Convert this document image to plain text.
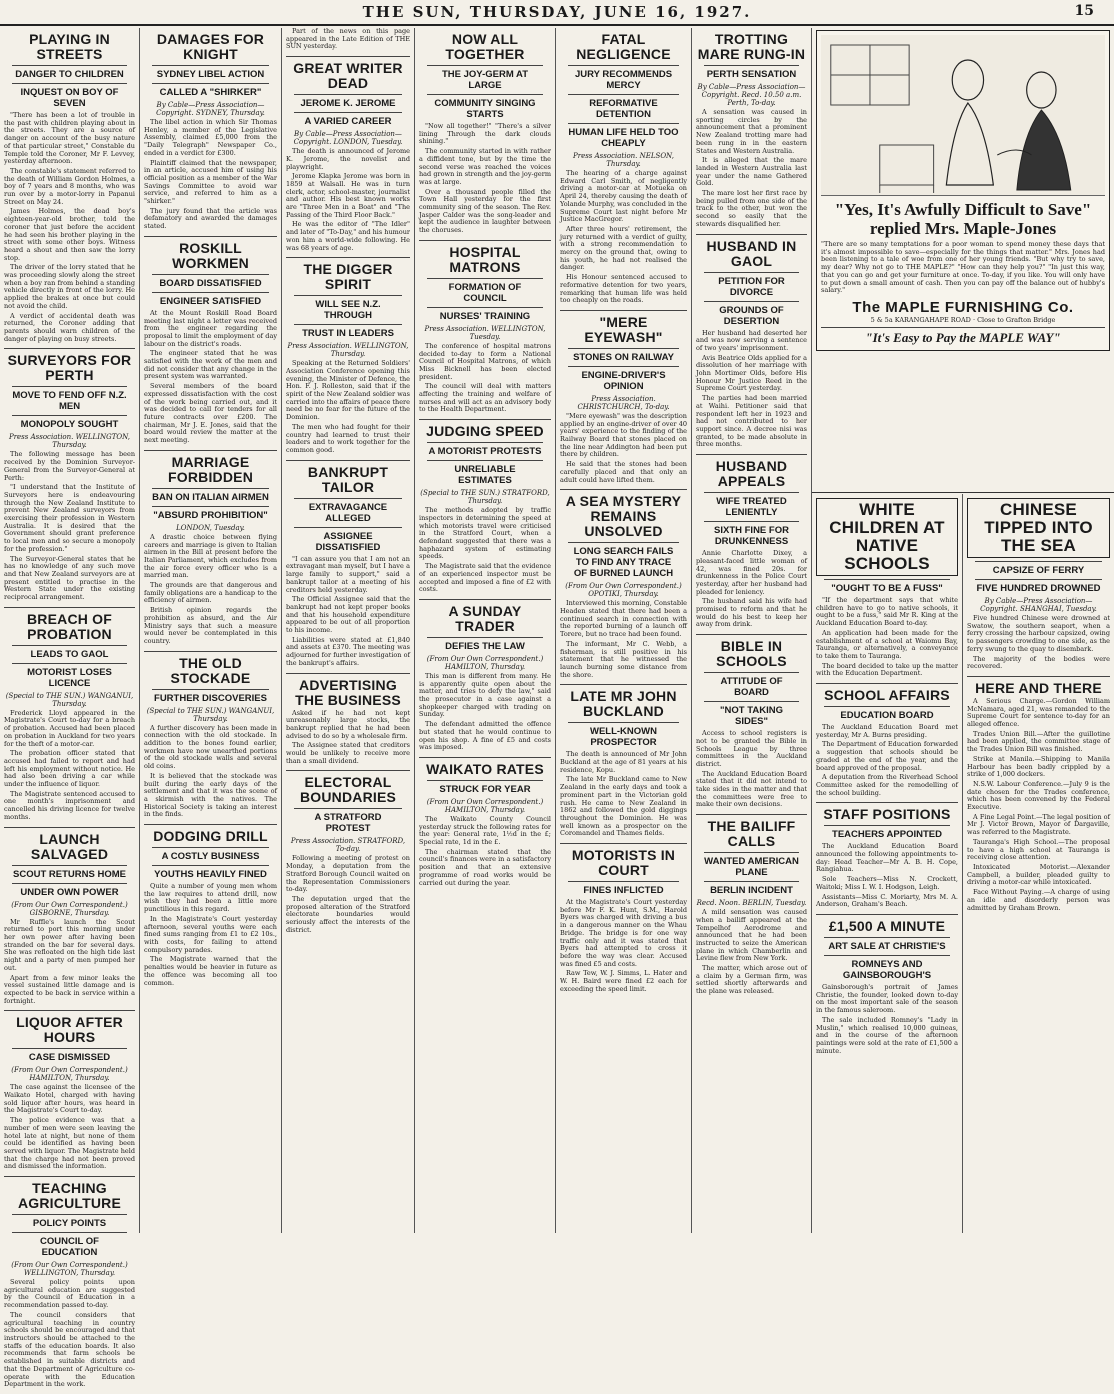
THE SUN, THURSDAY, JUNE 16, 1927.	15
PLAYING IN STREETS
DANGER TO CHILDREN
INQUEST ON BOY OF SEVEN

"There has been a lot of trouble in the past with children playing about in the streets. They are a source of danger on account of the busy nature of that particular street," Constable du Temple told the Coroner, Mr F. Levvey, yesterday afternoon.

The constable's statement referred to the death of William Gordon Holmes, a boy of 7 years and 8 months, who was run over by a motor-lorry in Papanui Street on May 24.

James Holmes, the dead boy's eighteen-year-old brother, told the coroner that just before the accident he had seen his brother playing in the street with some other boys. Witness heard a shout and then saw the lorry stop.

The driver of the lorry stated that he was proceeding slowly along the street when a boy ran from behind a standing vehicle directly in front of the lorry. He applied the brakes at once but could not avoid the child.

A verdict of accidental death was returned, the Coroner adding that parents should warn children of the danger of playing on busy streets.

SURVEYORS FOR PERTH
MOVE TO FEND OFF N.Z. MEN
MONOPOLY SOUGHT
Press Association. WELLINGTON, Thursday.

The following message has been received by the Dominion Surveyor-General from the Surveyor-General at Perth:

"I understand that the Institute of Surveyors here is endeavouring through the New Zealand Institute to prevent New Zealand surveyors from exercising their profession in Western Australia. It is desired that the Government should grant preference to local men and so secure a monopoly for the profession."

The Surveyor-General states that he has no knowledge of any such move and that New Zealand surveyors are at present entitled to practise in the Western State under the existing reciprocal arrangement.

BREACH OF PROBATION
LEADS TO GAOL
MOTORIST LOSES LICENCE
(Special to THE SUN.) WANGANUI, Thursday.

Frederick Lloyd appeared in the Magistrate's Court to-day for a breach of probation. Accused had been placed on probation in Auckland for two years for the theft of a motor-car.

The probation officer stated that accused had failed to report and had left his employment without notice. He had also been driving a car while under the influence of liquor.

The Magistrate sentenced accused to one month's imprisonment and cancelled his driving licence for twelve months.

LAUNCH SALVAGED
SCOUT RETURNS HOME
UNDER OWN POWER
(From Our Own Correspondent.) GISBORNE, Thursday.

Mr Ruffle's launch the Scout returned to port this morning under her own power after having been stranded on the bar for several days. She was refloated on the high tide last night and a party of men pumped her out.

Apart from a few minor leaks the vessel sustained little damage and is expected to be back in service within a fortnight.

LIQUOR AFTER HOURS
CASE DISMISSED
(From Our Own Correspondent.) HAMILTON, Thursday.

The case against the licensee of the Waikato Hotel, charged with having sold liquor after hours, was heard in the Magistrate's Court to-day.

The police evidence was that a number of men were seen leaving the hotel late at night, but none of them could be identified as having been served with liquor. The Magistrate held that the charge had not been proved and dismissed the information.

TEACHING AGRICULTURE
POLICY POINTS
COUNCIL OF EDUCATION
(From Our Own Correspondent.) WELLINGTON, Thursday.

Several policy points upon agricultural education are suggested by the Council of Education in a recommendation passed to-day.

The council considers that agricultural teaching in country schools should be encouraged and that instructors should be attached to the staffs of the education boards. It also recommends that farm schools be established in suitable districts and that the Department of Agriculture co-operate with the Education Department in the work.

DAMAGES FOR KNIGHT
SYDNEY LIBEL ACTION
CALLED A "SHIRKER"
By Cable—Press Association—Copyright. SYDNEY, Thursday.

The libel action in which Sir Thomas Henley, a member of the Legislative Assembly, claimed £5,000 from the "Daily Telegraph" Newspaper Co., ended in a verdict for £300.

Plaintiff claimed that the newspaper, in an article, accused him of using his official position as a member of the War Savings Committee to avoid war service, and referred to him as a "shirker."

The jury found that the article was defamatory and awarded the damages stated.

ROSKILL WORKMEN
BOARD DISSATISFIED
ENGINEER SATISFIED

At the Mount Roskill Road Board meeting last night a letter was received from the engineer regarding the proposal to limit the employment of day labour on the district's roads.

The engineer stated that he was satisfied with the work of the men and did not consider that any change in the present system was warranted.

Several members of the board expressed dissatisfaction with the cost of the work being carried out, and it was decided to call for tenders for all future contracts over £200. The chairman, Mr J. E. Jones, said that the board would review the matter at the next meeting.

MARRIAGE FORBIDDEN
BAN ON ITALIAN AIRMEN
"ABSURD PROHIBITION"
LONDON, Tuesday.

A drastic choice between flying careers and marriage is given to Italian airmen in the Bill at present before the Italian Parliament, which excludes from the air force every officer who is a married man.

The grounds are that dangerous and family obligations are a handicap to the efficiency of airmen.

British opinion regards the prohibition as absurd, and the Air Ministry says that such a measure would never be contemplated in this country.

THE OLD STOCKADE
FURTHER DISCOVERIES
(Special to THE SUN.) WANGANUI, Thursday.

A further discovery has been made in connection with the old stockade. In addition to the bones found earlier, workmen have now unearthed portions of the old stockade walls and several old coins.

It is believed that the stockade was built during the early days of the settlement and that it was the scene of a skirmish with the natives. The Historical Society is taking an interest in the finds.

DODGING DRILL
A COSTLY BUSINESS
YOUTHS HEAVILY FINED

Quite a number of young men whom the law requires to attend drill, now wish they had been a little more punctilious in this regard.

In the Magistrate's Court yesterday afternoon, several youths were each fined sums ranging from £1 to £2 10s., with costs, for failing to attend compulsory parades.

The Magistrate warned that the penalties would be heavier in future as the offence was becoming all too common.

Part of the news on this page appeared in the Late Edition of THE SUN yesterday.

GREAT WRITER DEAD
JEROME K. JEROME
A VARIED CAREER
By Cable—Press Association—Copyright. LONDON, Tuesday.

The death is announced of Jerome K. Jerome, the novelist and playwright.

Jerome Klapka Jerome was born in 1859 at Walsall. He was in turn clerk, actor, school-master, journalist and author. His best known works are "Three Men in a Boat" and "The Passing of the Third Floor Back."

He was the editor of "The Idler" and later of "To-Day," and his humour won him a world-wide following. He was 68 years of age.

THE DIGGER SPIRIT
WILL SEE N.Z. THROUGH
TRUST IN LEADERS
Press Association. WELLINGTON, Thursday.

Speaking at the Returned Soldiers' Association Conference opening this evening, the Minister of Defence, the Hon. F. J. Rolleston, said that if the spirit of the New Zealand soldier was carried into the affairs of peace there need be no fear for the future of the Dominion.

The men who had fought for their country had learned to trust their leaders and to work together for the common good.

BANKRUPT TAILOR
EXTRAVAGANCE ALLEGED
ASSIGNEE DISSATISFIED

"I can assure you that I am not an extravagant man myself, but I have a large family to support," said a bankrupt tailor at a meeting of his creditors held yesterday.

The Official Assignee said that the bankrupt had not kept proper books and that his household expenditure appeared to be out of all proportion to his income.

Liabilities were stated at £1,840 and assets at £370. The meeting was adjourned for further investigation of the bankrupt's affairs.

ADVERTISING THE BUSINESS

Asked if he had not kept unreasonably large stocks, the bankrupt replied that he had been advised to do so by a wholesale firm.

The Assignee stated that creditors would be unlikely to receive more than a small dividend.

ELECTORAL BOUNDARIES
A STRATFORD PROTEST
Press Association. STRATFORD, To-day.

Following a meeting of protest on Monday, a deputation from the Stratford Borough Council waited on the Representation Commissioners to-day.

The deputation urged that the proposed alteration of the Stratford electorate boundaries would seriously affect the interests of the district.

NOW ALL TOGETHER
THE JOY-GERM AT LARGE
COMMUNITY SINGING STARTS

"Now all together!" "There's a silver lining Through the dark clouds shining."

The community started in with rather a diffident tone, but by the time the second verse was reached the voices had grown in strength and the joy-germ was at large.

Over a thousand people filled the Town Hall yesterday for the first community sing of the season. The Rev. Jasper Calder was the song-leader and kept the audience in laughter between the choruses.

HOSPITAL MATRONS
FORMATION OF COUNCIL
NURSES' TRAINING
Press Association. WELLINGTON, Tuesday.

The conference of hospital matrons decided to-day to form a National Council of Hospital Matrons, of which Miss Bicknell has been elected president.

The council will deal with matters affecting the training and welfare of nurses and will act as an advisory body to the Health Department.

JUDGING SPEED
A MOTORIST PROTESTS
UNRELIABLE ESTIMATES
(Special to THE SUN.) STRATFORD, Thursday.

The methods adopted by traffic inspectors in determining the speed at which motorists travel were criticised in the Stratford Court, when a defendant suggested that there was a haphazard system of estimating speeds.

The Magistrate said that the evidence of an experienced inspector must be accepted and imposed a fine of £2 with costs.

A SUNDAY TRADER
DEFIES THE LAW
(From Our Own Correspondent.) HAMILTON, Thursday.

This man is different from many. He is apparently quite open about the matter, and tries to defy the law," said the prosecutor in a case against a shopkeeper charged with trading on Sunday.

The defendant admitted the offence but stated that he would continue to open his shop. A fine of £5 and costs was imposed.

WAIKATO RATES
STRUCK FOR YEAR
(From Our Own Correspondent.) HAMILTON, Thursday.

The Waikato County Council yesterday struck the following rates for the year: General rate, 1½d in the £; Special rate, 1d in the £.

The chairman stated that the council's finances were in a satisfactory position and that an extensive programme of road works would be carried out during the year.

FATAL NEGLIGENCE
JURY RECOMMENDS MERCY
REFORMATIVE DETENTION
HUMAN LIFE HELD TOO CHEAPLY
Press Association. NELSON, Thursday.

The hearing of a charge against Edward Carl Smith, of negligently driving a motor-car at Motueka on April 24, thereby causing the death of Yolande Murphy, was concluded in the Supreme Court last night before Mr Justice MacGregor.

After three hours' retirement, the jury returned with a verdict of guilty, with a strong recommendation to mercy on the ground that, owing to his youth, he had not realised the danger.

His Honour sentenced accused to reformative detention for two years, remarking that human life was held too cheaply on the roads.

"MERE EYEWASH"
STONES ON RAILWAY
ENGINE-DRIVER'S OPINION
Press Association. CHRISTCHURCH, To-day.

"Mere eyewash" was the description applied by an engine-driver of over 40 years' experience to the finding of the Railway Board that stones placed on the line near Addington had been put there by children.

He said that the stones had been carefully placed and that only an adult could have lifted them.

A SEA MYSTERY REMAINS UNSOLVED
LONG SEARCH FAILS TO FIND ANY TRACE OF BURNED LAUNCH
(From Our Own Correspondent.) OPOTIKI, Thursday.

Interviewed this morning, Constable Headen stated that there had been a continued search in connection with the reported burning of a launch off Torere, but no trace had been found.

The informant, Mr C. Webb, a fisherman, is still positive in his statement that he witnessed the launch burning some distance from the shore.

LATE MR JOHN BUCKLAND
WELL-KNOWN PROSPECTOR

The death is announced of Mr John Buckland at the age of 81 years at his residence, Kopu.

The late Mr Buckland came to New Zealand in the early days and took a prominent part in the Victorian gold rush. He came to New Zealand in 1862 and followed the gold diggings throughout the Dominion. He was well known as a prospector on the Coromandel and Thames fields.

MOTORISTS IN COURT
FINES INFLICTED

At the Magistrate's Court yesterday before Mr F. K. Hunt, S.M., Harold Byers was charged with driving a bus in a dangerous manner on the Whau Bridge. The bridge is for one way traffic only and it was stated that Byers had attempted to cross it before the way was clear. Accused was fined £5 and costs.

Raw Tew, W. J. Simms, L. Hater and W. H. Baird were fined £2 each for exceeding the speed limit.

TROTTING MARE RUNG-IN
PERTH SENSATION
By Cable—Press Association—Copyright. Recd. 10.50 a.m. Perth, To-day.

A sensation was caused in sporting circles by the announcement that a prominent New Zealand trotting mare had been rung in in the eastern States and Western Australia.

It is alleged that the mare landed in Western Australia last year under the name Gathered Gold.

The mare lost her first race by being pulled from one side of the track to the other, but won the second so easily that the stewards disqualified her.

HUSBAND IN GAOL
PETITION FOR DIVORCE
GROUNDS OF DESERTION

Her husband had deserted her and was now serving a sentence of two years' imprisonment.

Avis Beatrice Olds applied for a dissolution of her marriage with John Mortimer Olds, before His Honour Mr Justice Reed in the Supreme Court yesterday.

The parties had been married at Waihi. Petitioner said that respondent left her in 1923 and had not contributed to her support since. A decree nisi was granted, to be made absolute in three months.

HUSBAND APPEALS
WIFE TREATED LENIENTLY
SIXTH FINE FOR DRUNKENNESS

Annie Charlotte Dixey, a pleasant-faced little woman of 42, was fined 20s. for drunkenness in the Police Court yesterday, after her husband had pleaded for leniency.

The husband said his wife had promised to reform and that he would do his best to keep her away from drink.

BIBLE IN SCHOOLS
ATTITUDE OF BOARD
"NOT TAKING SIDES"

Access to school registers is not to be granted the Bible in Schools League by three committees in the Auckland district.

The Auckland Education Board stated that it did not intend to take sides in the matter and that the committees were free to make their own decisions.

THE BAILIFF CALLS
WANTED AMERICAN PLANE
BERLIN INCIDENT
Recd. Noon. BERLIN, Tuesday.

A mild sensation was caused when a bailiff appeared at the Tempelhof Aerodrome and announced that he had been instructed to seize the American plane in which Chamberlin and Levine flew from New York.

The matter, which arose out of a claim by a German firm, was settled shortly afterwards and the plane was released.

"Yes, It's Awfully Difficult to Save" replied Mrs. Maple-Jones
"There are so many temptations for a poor woman to spend money these days that it's almost impossible to save—especially for the things that matter." Mrs. Jones had been listening to a tale of woe from one of her young friends. "But why try to save, my dear? Why not go to THE MAPLE?" "How can they help you?" "In just this way, that you can go and get your furniture at once. To-day, if you like. You will only have to put down a small amount of cash. Then you can pay off the balance out of hubby's salary."
The MAPLE FURNISHING Co.
5 & 5a KARANGAHAPE ROAD · Close to Grafton Bridge
"It's Easy to Pay the MAPLE WAY"
WHITE CHILDREN AT NATIVE SCHOOLS
"OUGHT TO BE A FUSS"

"If the department says that white children have to go to native schools, it ought to be a fuss," said Mr R. King at the Auckland Education Board to-day.

An application had been made for the establishment of a school at Waiomu Bay, Tauranga, or alternatively, a conveyance to take them to Tauranga.

The board decided to take up the matter with the Education Department.

SCHOOL AFFAIRS
EDUCATION BOARD

The Auckland Education Board met yesterday, Mr A. Burns presiding.

The Department of Education forwarded a suggestion that schools should be graded at the end of the year, and the board approved of the proposal.

A deputation from the Riverhead School Committee asked for the remodelling of the school building.

STAFF POSITIONS
TEACHERS APPOINTED

The Auckland Education Board announced the following appointments to-day: Head Teacher—Mr A. B. H. Cope, Rangiahua.

Sole Teachers—Miss N. Crockett, Waitoki; Miss I. W. I. Hodgson, Leigh.

Assistants—Miss C. Moriarty, Mrs M. A. Anderson, Graham's Beach.

£1,500 A MINUTE
ART SALE AT CHRISTIE'S
ROMNEYS AND GAINSBOROUGH'S

Gainsborough's portrait of James Christie, the founder, looked down to-day on the most important sale of the season in the famous saleroom.

The sale included Romney's "Lady in Muslin," which realised 10,000 guineas, and in the course of the afternoon paintings were sold at the rate of £1,500 a minute.

CHINESE TIPPED INTO THE SEA
CAPSIZE OF FERRY
FIVE HUNDRED DROWNED
By Cable—Press Association—Copyright. SHANGHAI, Tuesday.

Five hundred Chinese were drowned at Swatow, the southern seaport, when a ferry crossing the harbour capsized, owing to passengers crowding to one side, as the ferry swung to the quay to disembark.

The majority of the bodies were recovered.

HERE AND THERE

A Serious Charge.—Gordon William McNamara, aged 21, was remanded to the Supreme Court for sentence to-day for an alleged offence.

Trades Union Bill.—After the guillotine had been applied, the committee stage of the Trades Union Bill was finished.

Strike at Manila.—Shipping to Manila Harbour has been badly crippled by a strike of 1,000 dockers.

N.S.W. Labour Conference.—July 9 is the date chosen for the Trades conference, which has been convened by the Federal Executive.

A Fine Legal Point.—The legal position of Mr J. Victor Brown, Mayor of Dargaville, was referred to the Magistrate.

Tauranga's High School.—The proposal to have a high school at Tauranga is receiving close attention.

Intoxicated Motorist.—Alexander Campbell, a builder, pleaded guilty to driving a motor-car while intoxicated.

Face Without Paying.—A charge of using an idle and disorderly person was admitted by Graham Brown.
